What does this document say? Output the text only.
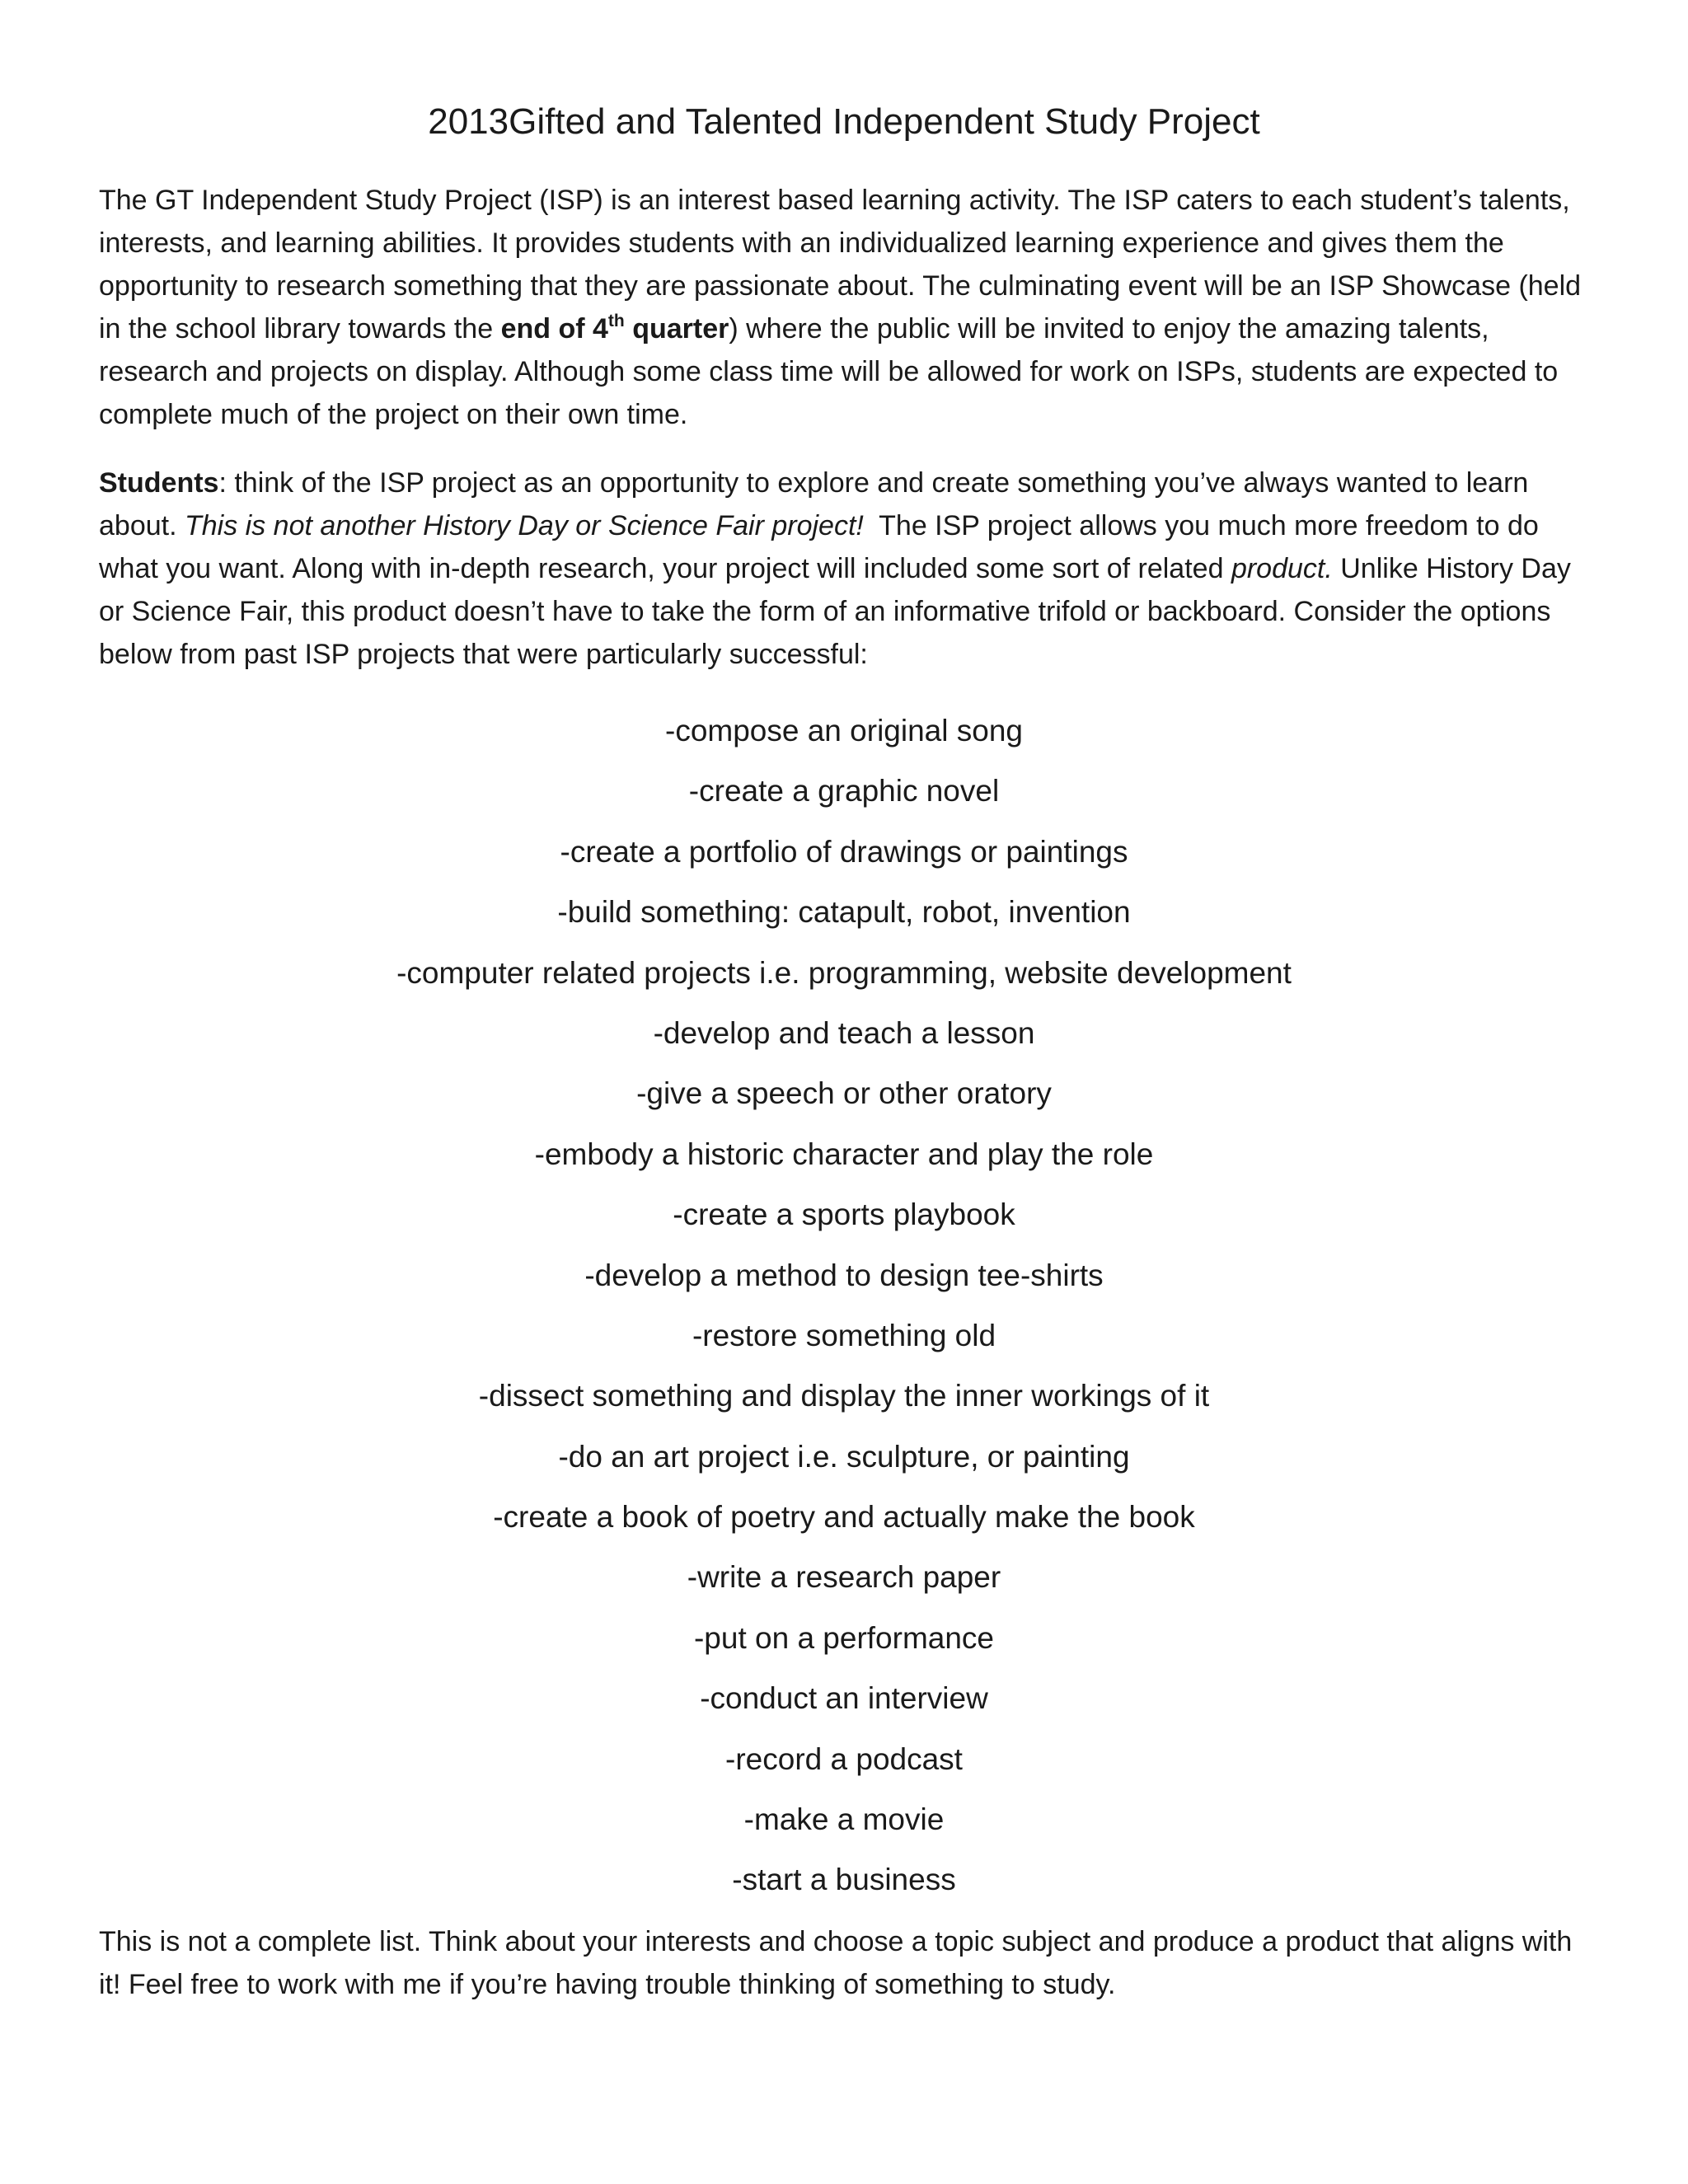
2013Gifted and Talented Independent Study Project

The GT Independent Study Project (ISP) is an interest based learning activity. The ISP caters to each student’s talents, interests, and learning abilities. It provides students with an individualized learning experience and gives them the opportunity to research something that they are passionate about. The culminating event will be an ISP Showcase (held in the school library towards the end of 4th quarter) where the public will be invited to enjoy the amazing talents, research and projects on display. Although some class time will be allowed for work on ISPs, students are expected to complete much of the project on their own time.

Students: think of the ISP project as an opportunity to explore and create something you’ve always wanted to learn about. This is not another History Day or Science Fair project!  The ISP project allows you much more freedom to do what you want. Along with in-depth research, your project will included some sort of related product. Unlike History Day or Science Fair, this product doesn’t have to take the form of an informative trifold or backboard. Consider the options below from past ISP projects that were particularly successful:

-compose an original song
-create a graphic novel
-create a portfolio of drawings or paintings
-build something: catapult, robot, invention
-computer related projects i.e. programming, website development
-develop and teach a lesson
-give a speech or other oratory
-embody a historic character and play the role
-create a sports playbook
-develop a method to design tee-shirts
-restore something old
-dissect something and display the inner workings of it
-do an art project i.e. sculpture, or painting
-create a book of poetry and actually make the book
-write a research paper
-put on a performance
-conduct an interview
-record a podcast
-make a movie
-start a business

This is not a complete list. Think about your interests and choose a topic subject and produce a product that aligns with it! Feel free to work with me if you’re having trouble thinking of something to study.
